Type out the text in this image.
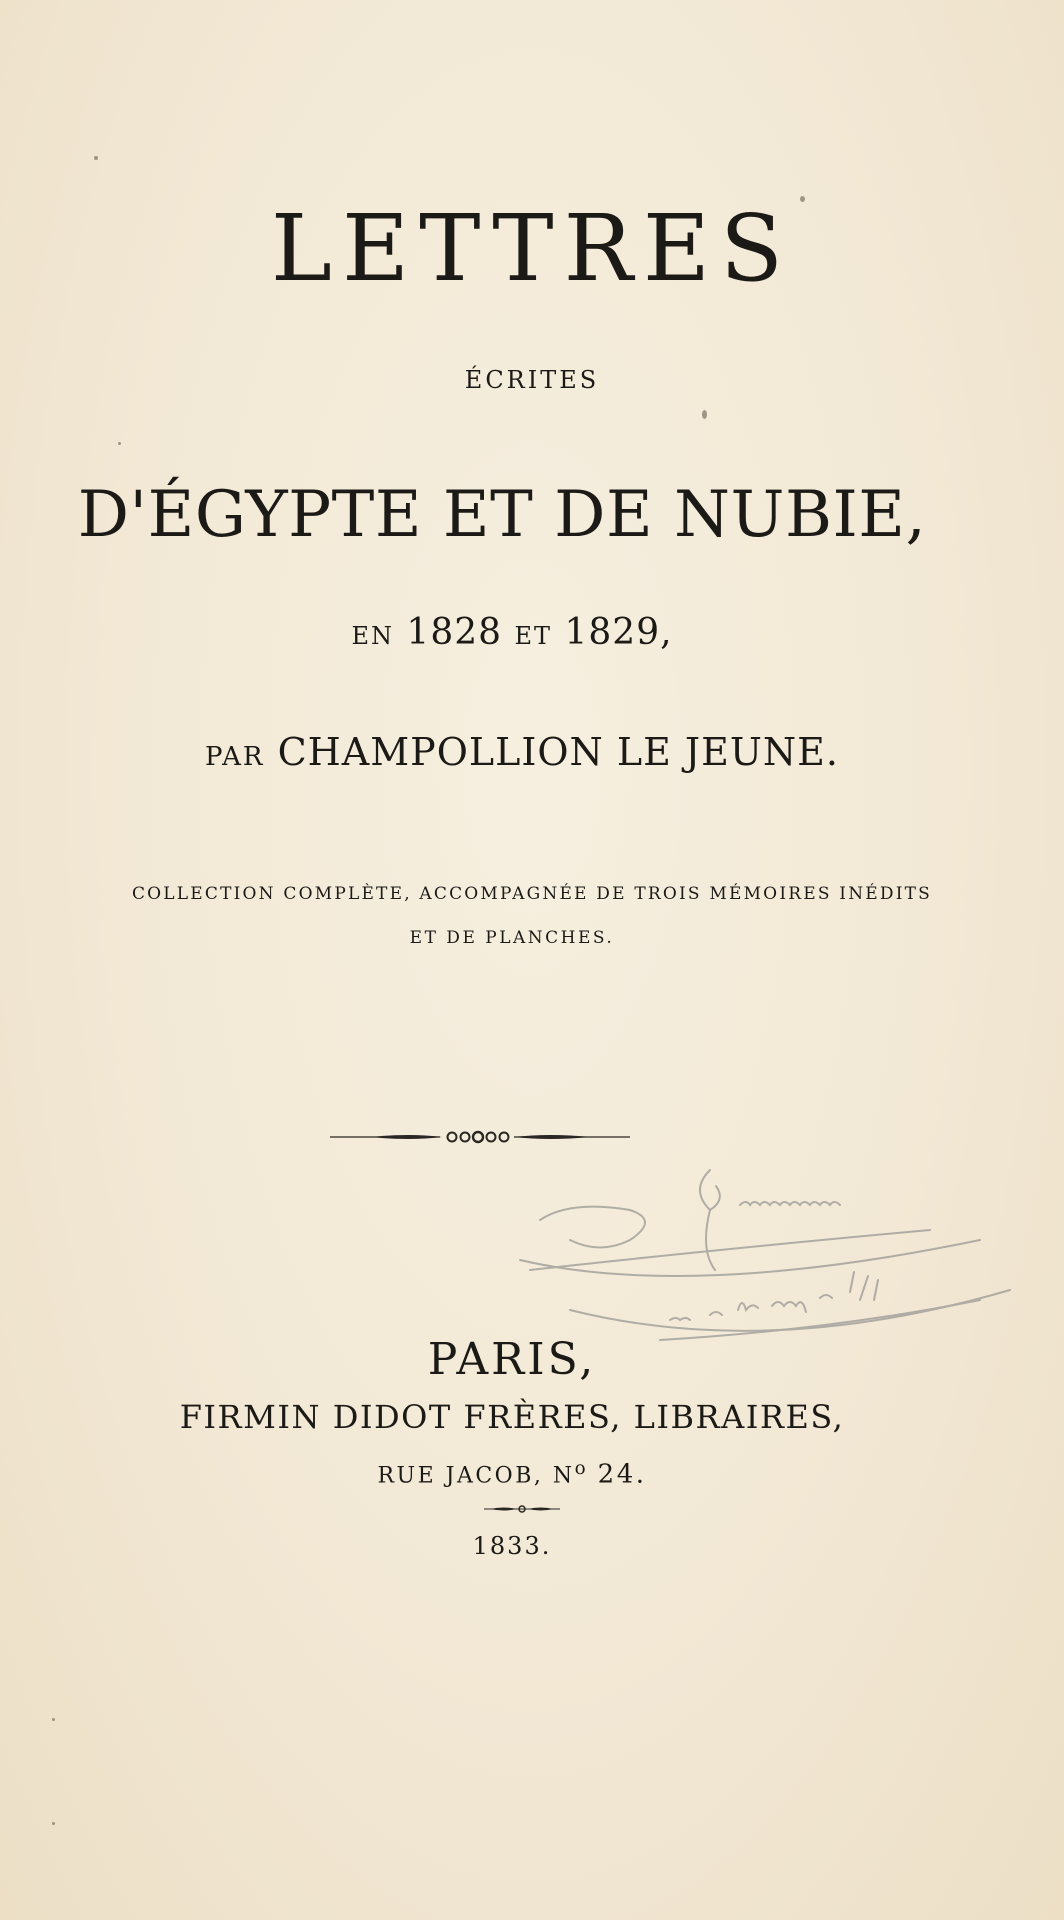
LETTRES
ÉCRITES
D'ÉGYPTE ET DE NUBIE,
EN 1828 ET 1829,
PAR CHAMPOLLION LE JEUNE.
COLLECTION COMPLÈTE, ACCOMPAGNÉE DE TROIS MÉMOIRES INÉDITS
ET DE PLANCHES.
PARIS,
FIRMIN DIDOT FRÈRES, LIBRAIRES,
RUE JACOB, $N^o$ 24.
1833.
